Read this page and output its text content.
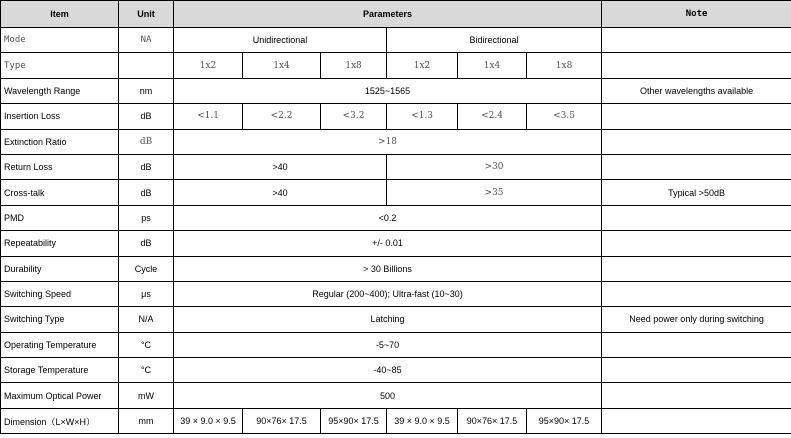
Item	Unit	Parameters						Note
Mode	NA	Unidirectional			Bidirectional			
Type		1x2	1x4	1x8	1x2	1x4	1x8	
Wavelength Range	nm	1525~1565						Other wavelengths available
Insertion Loss	dB	<1.1	<2.2	<3.2	<1.3	<2.4	<3.5	
Extinction Ratio	dB	>18						
Return Loss	dB	>40			>30			
Cross-talk	dB	>40			>35			Typical >50dB
PMD	ps	<0.2						
Repeatability	dB	+/- 0.01						
Durability	Cycle	> 30 Billions						
Switching Speed	μs	Regular (200~400); Ultra-fast (10~30)						
Switching Type	N/A	Latching						Need power only during switching
Operating Temperature	°C	-5~70						
Storage Temperature	°C	-40~85						
Maximum Optical Power	mW	500						
Dimension（L×W×H）	mm	39 × 9.0 × 9.5	90×76× 17.5	95×90× 17.5	39 × 9.0 × 9.5	90×76× 17.5	95×90× 17.5	
